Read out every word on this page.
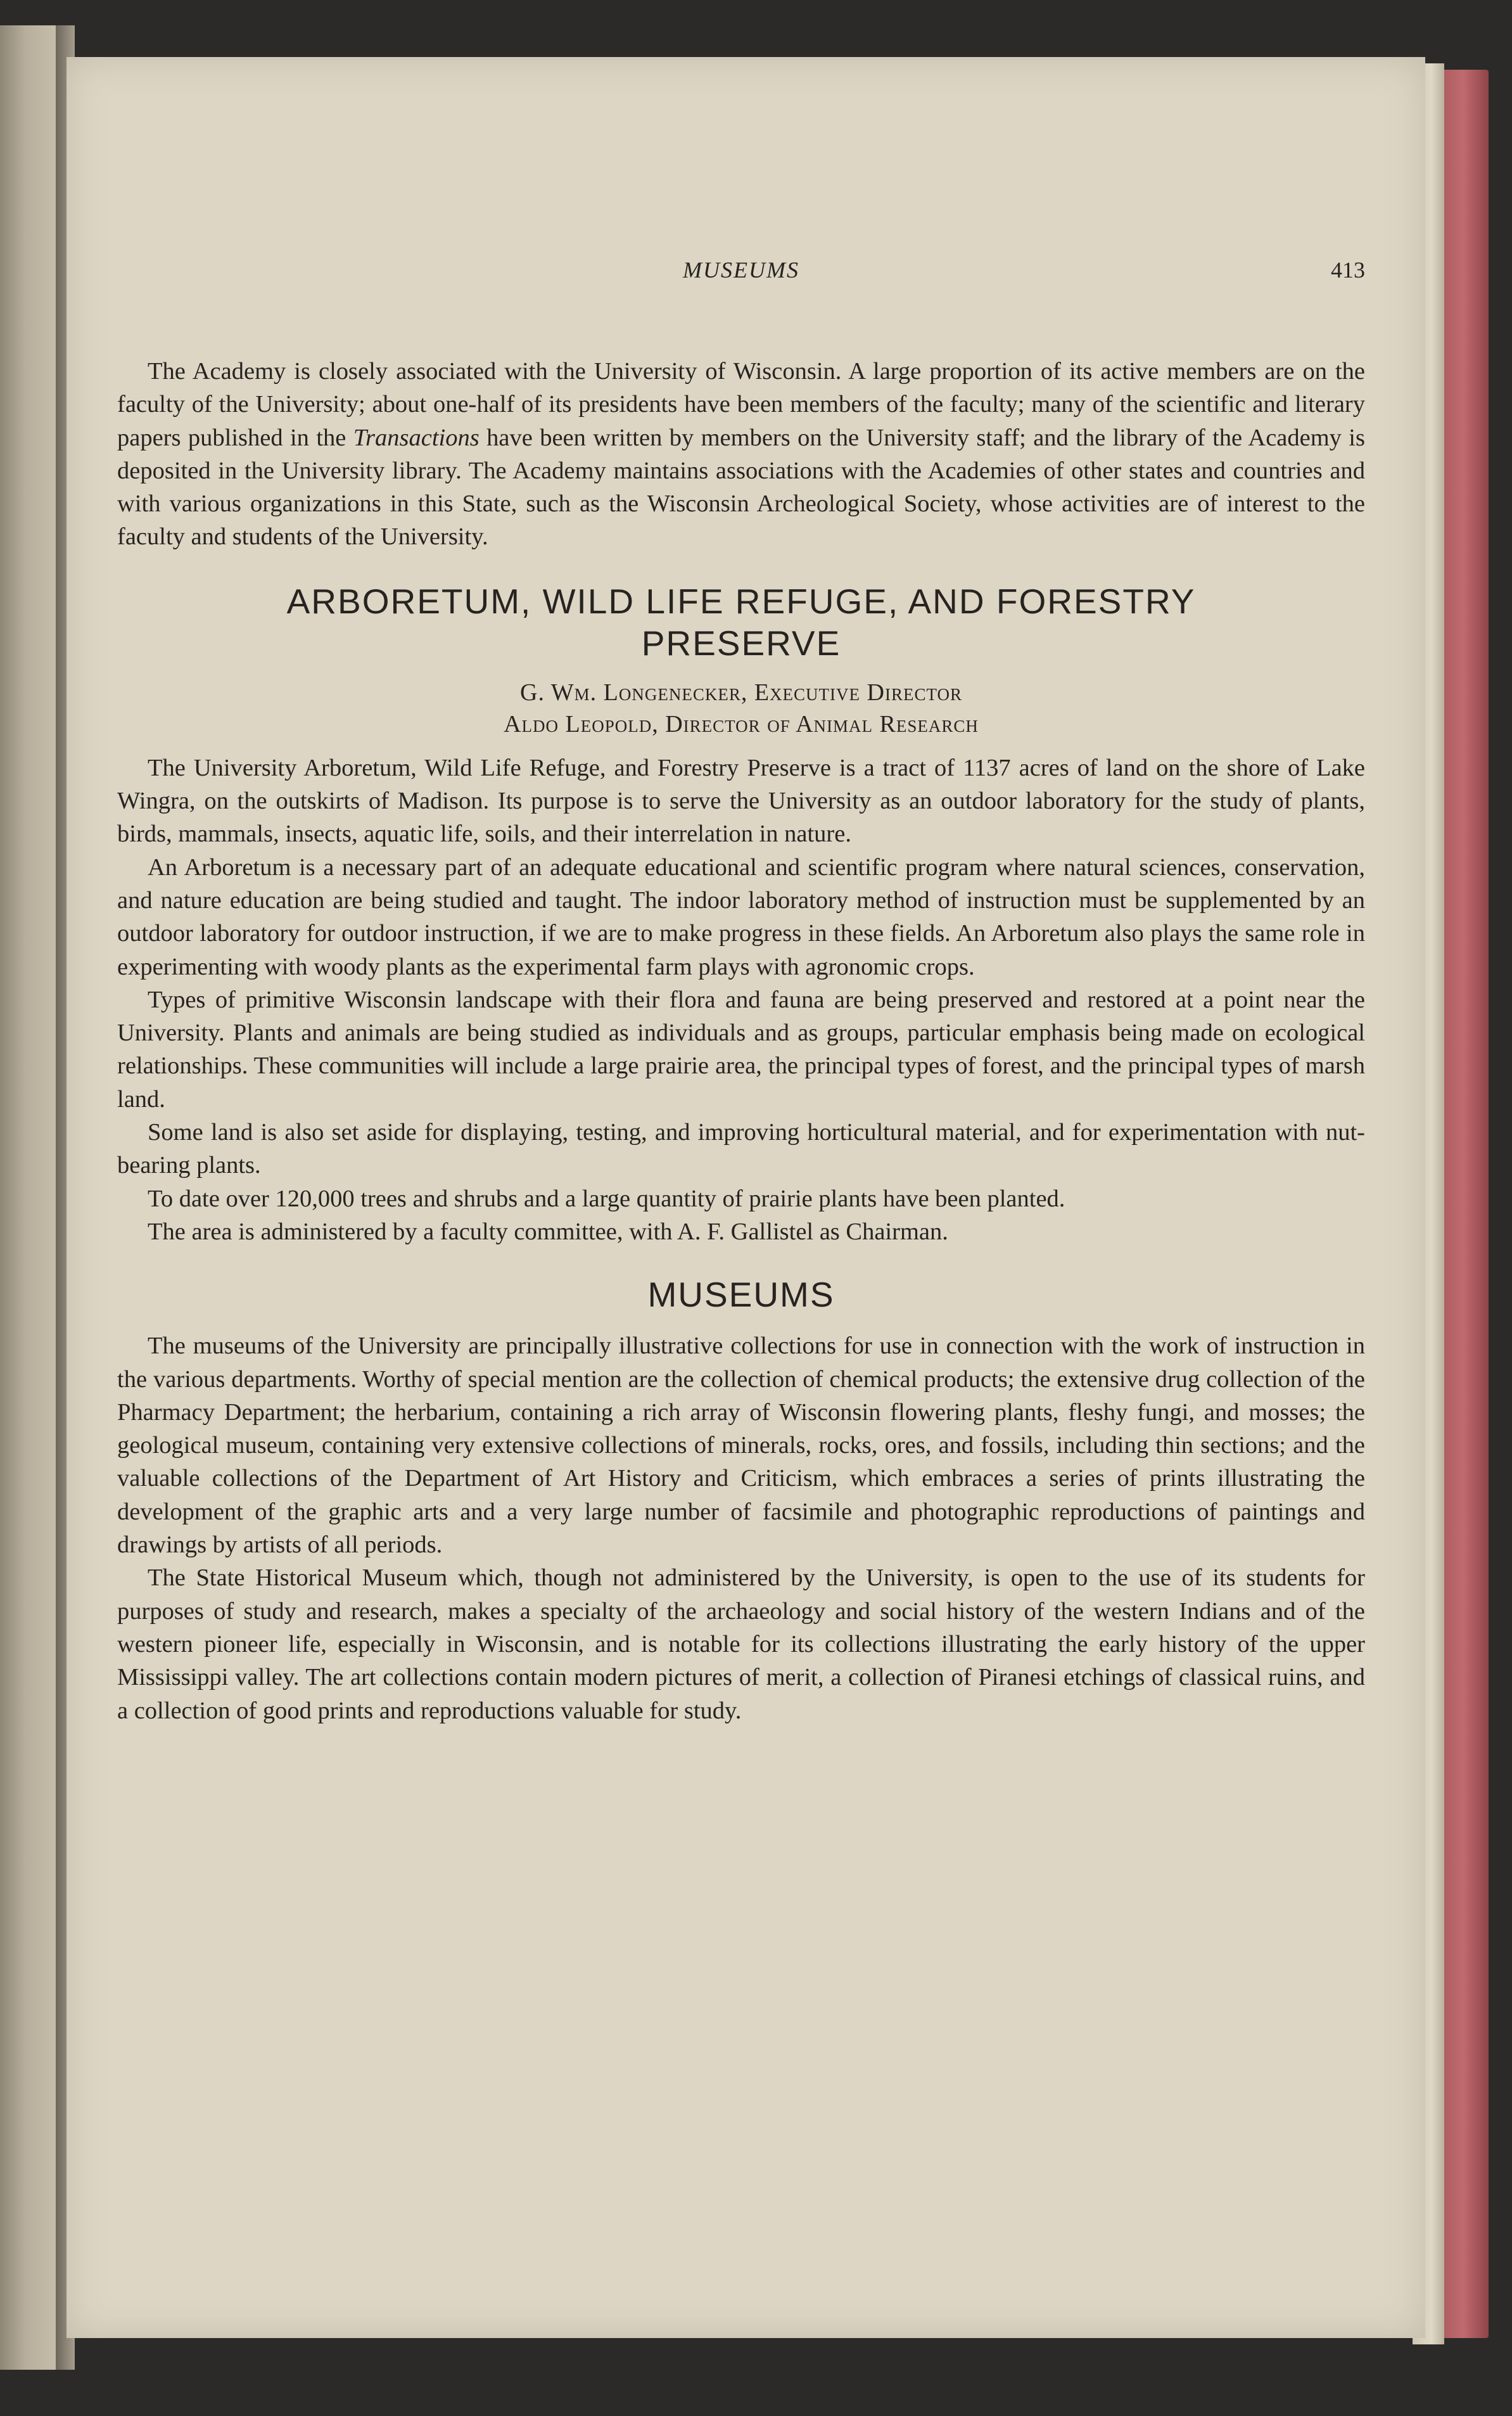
MUSEUMS	413

The Academy is closely associated with the University of Wisconsin. A large proportion of its active members are on the faculty of the University; about one-half of its presidents have been members of the faculty; many of the scientific and literary papers published in the Transactions have been written by members on the University staff; and the library of the Academy is deposited in the University library. The Academy maintains associations with the Academies of other states and countries and with various organizations in this State, such as the Wisconsin Archeological Society, whose activities are of interest to the faculty and students of the University.

ARBORETUM, WILD LIFE REFUGE, AND FORESTRY PRESERVE

G. Wm. Longenecker, Executive Director

Aldo Leopold, Director of Animal Research

The University Arboretum, Wild Life Refuge, and Forestry Preserve is a tract of 1137 acres of land on the shore of Lake Wingra, on the outskirts of Madison. Its purpose is to serve the University as an outdoor laboratory for the study of plants, birds, mammals, insects, aquatic life, soils, and their interrelation in nature.

An Arboretum is a necessary part of an adequate educational and scientific program where natural sciences, conservation, and nature education are being studied and taught. The indoor laboratory method of instruction must be supplemented by an outdoor laboratory for outdoor instruction, if we are to make progress in these fields. An Arboretum also plays the same role in experimenting with woody plants as the experimental farm plays with agronomic crops.

Types of primitive Wisconsin landscape with their flora and fauna are being preserved and restored at a point near the University. Plants and animals are being studied as individuals and as groups, particular emphasis being made on ecological relationships. These communities will include a large prairie area, the principal types of forest, and the principal types of marsh land.

Some land is also set aside for displaying, testing, and improving horticultural material, and for experimentation with nut-bearing plants.

To date over 120,000 trees and shrubs and a large quantity of prairie plants have been planted.

The area is administered by a faculty committee, with A. F. Gallistel as Chairman.

MUSEUMS

The museums of the University are principally illustrative collections for use in connection with the work of instruction in the various departments. Worthy of special mention are the collection of chemical products; the extensive drug collection of the Pharmacy Department; the herbarium, containing a rich array of Wisconsin flowering plants, fleshy fungi, and mosses; the geological museum, containing very extensive collections of minerals, rocks, ores, and fossils, including thin sections; and the valuable collections of the Department of Art History and Criticism, which embraces a series of prints illustrating the development of the graphic arts and a very large number of facsimile and photographic reproductions of paintings and drawings by artists of all periods.

The State Historical Museum which, though not administered by the University, is open to the use of its students for purposes of study and research, makes a specialty of the archaeology and social history of the western Indians and of the western pioneer life, especially in Wisconsin, and is notable for its collections illustrating the early history of the upper Mississippi valley. The art collections contain modern pictures of merit, a collection of Piranesi etchings of classical ruins, and a collection of good prints and reproductions valuable for study.
